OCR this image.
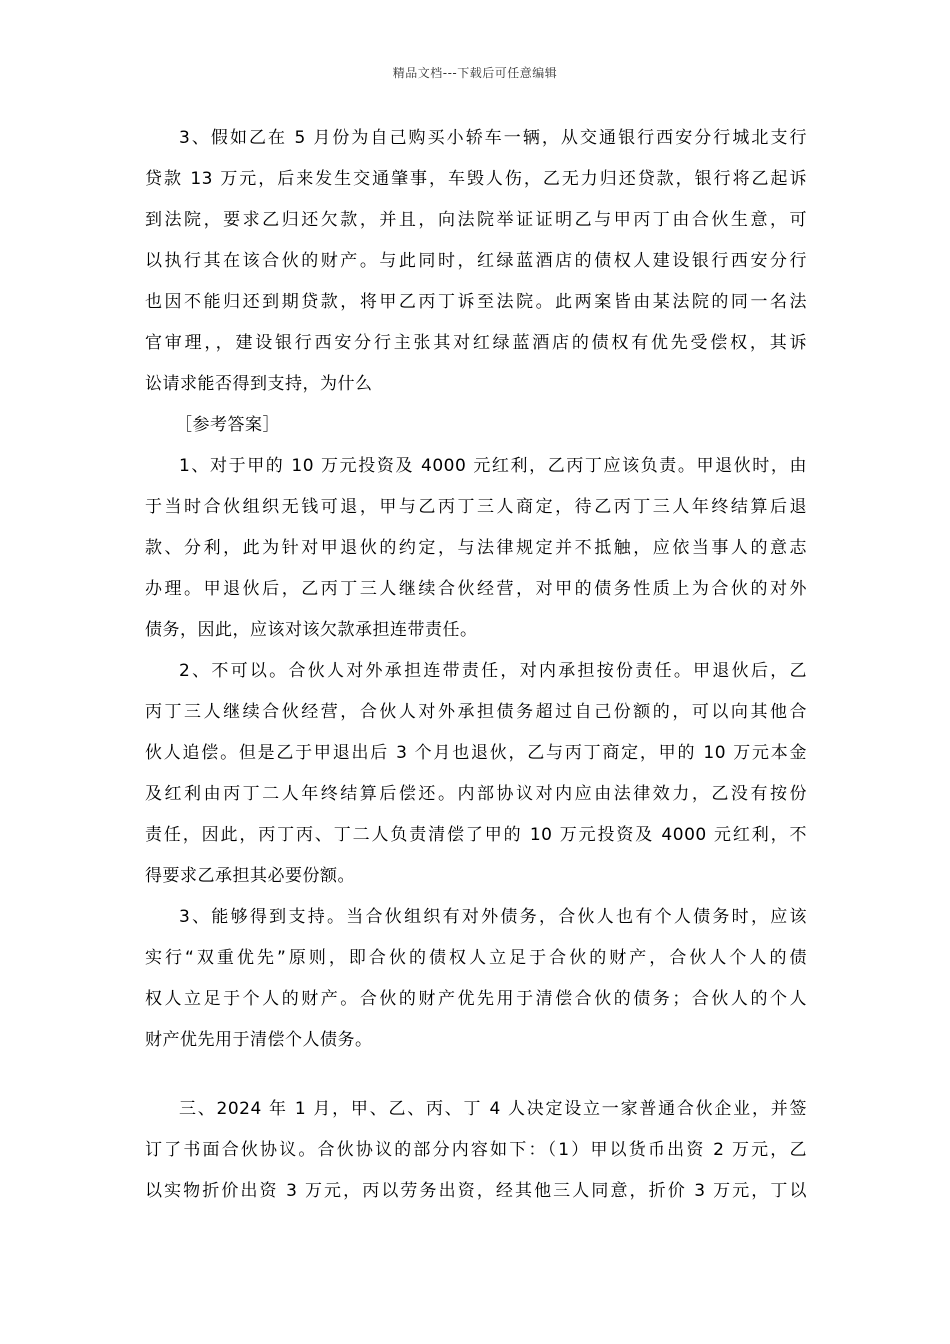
精品文档---下载后可任意编辑
3、假如乙在 5 月份为自己购买小轿车一辆，从交通银行西安分行城北支行
贷款 13 万元，后来发生交通肇事，车毁人伤，乙无力归还贷款，银行将乙起诉
到法院，要求乙归还欠款，并且，向法院举证证明乙与甲丙丁由合伙生意，可
以执行其在该合伙的财产。与此同时，红绿蓝酒店的债权人建设银行西安分行
也因不能归还到期贷款，将甲乙丙丁诉至法院。此两案皆由某法院的同一名法
官审理，，建设银行西安分行主张其对红绿蓝酒店的债权有优先受偿权，其诉
讼请求能否得到支持，为什么
［参考答案］
1、对于甲的 10 万元投资及 4000 元红利，乙丙丁应该负责。甲退伙时，由
于当时合伙组织无钱可退，甲与乙丙丁三人商定，待乙丙丁三人年终结算后退
款、分利，此为针对甲退伙的约定，与法律规定并不抵触，应依当事人的意志
办理。甲退伙后，乙丙丁三人继续合伙经营，对甲的债务性质上为合伙的对外
债务，因此，应该对该欠款承担连带责任。
2、不可以。合伙人对外承担连带责任，对内承担按份责任。甲退伙后，乙
丙丁三人继续合伙经营，合伙人对外承担债务超过自己份额的，可以向其他合
伙人追偿。但是乙于甲退出后 3 个月也退伙，乙与丙丁商定，甲的 10 万元本金
及红利由丙丁二人年终结算后偿还。内部协议对内应由法律效力，乙没有按份
责任，因此，丙丁丙、丁二人负责清偿了甲的 10 万元投资及 4000 元红利，不
得要求乙承担其必要份额。
3、能够得到支持。当合伙组织有对外债务，合伙人也有个人债务时，应该
实行“双重优先”原则，即合伙的债权人立足于合伙的财产，合伙人个人的债
权人立足于个人的财产。合伙的财产优先用于清偿合伙的债务；合伙人的个人
财产优先用于清偿个人债务。
三、2024 年 1 月，甲、乙、丙、丁 4 人决定设立一家普通合伙企业，并签
订了书面合伙协议。合伙协议的部分内容如下：（1）甲以货币出资 2 万元，乙
以实物折价出资 3 万元，丙以劳务出资，经其他三人同意，折价 3 万元，丁以
